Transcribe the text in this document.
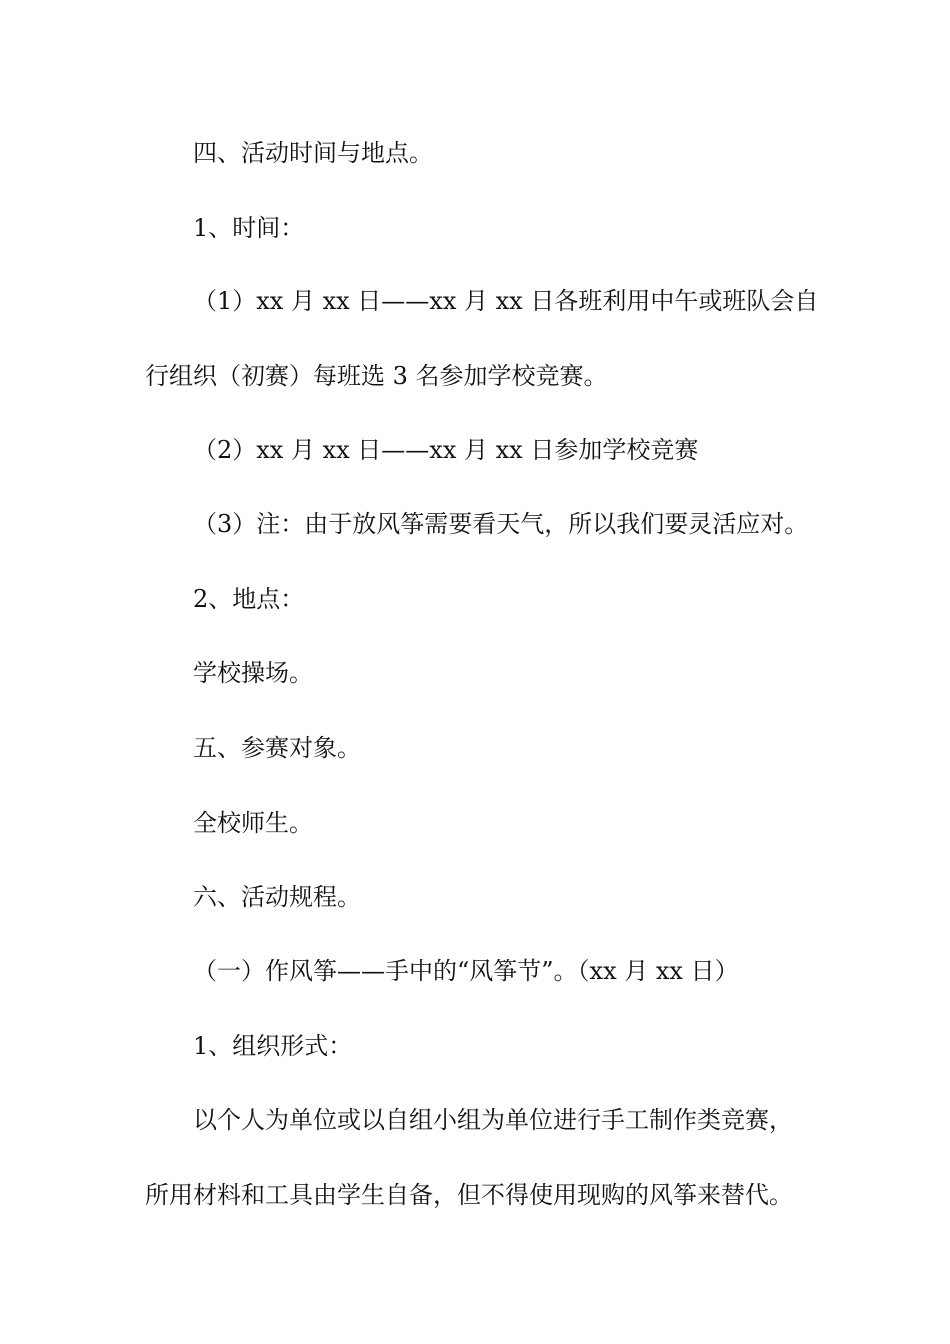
四、活动时间与地点。
1、时间：
（1）xx 月 xx 日——xx 月 xx 日各班利用中午或班队会自
行组织（初赛）每班选 3 名参加学校竞赛。
（2）xx 月 xx 日——xx 月 xx 日参加学校竞赛
（3）注：由于放风筝需要看天气，所以我们要灵活应对。
2、地点：
学校操场。
五、参赛对象。
全校师生。
六、活动规程。
（一）作风筝——手中的“风筝节”。（xx 月 xx 日）
1、组织形式：
以个人为单位或以自组小组为单位进行手工制作类竞赛，
所用材料和工具由学生自备，但不得使用现购的风筝来替代。
